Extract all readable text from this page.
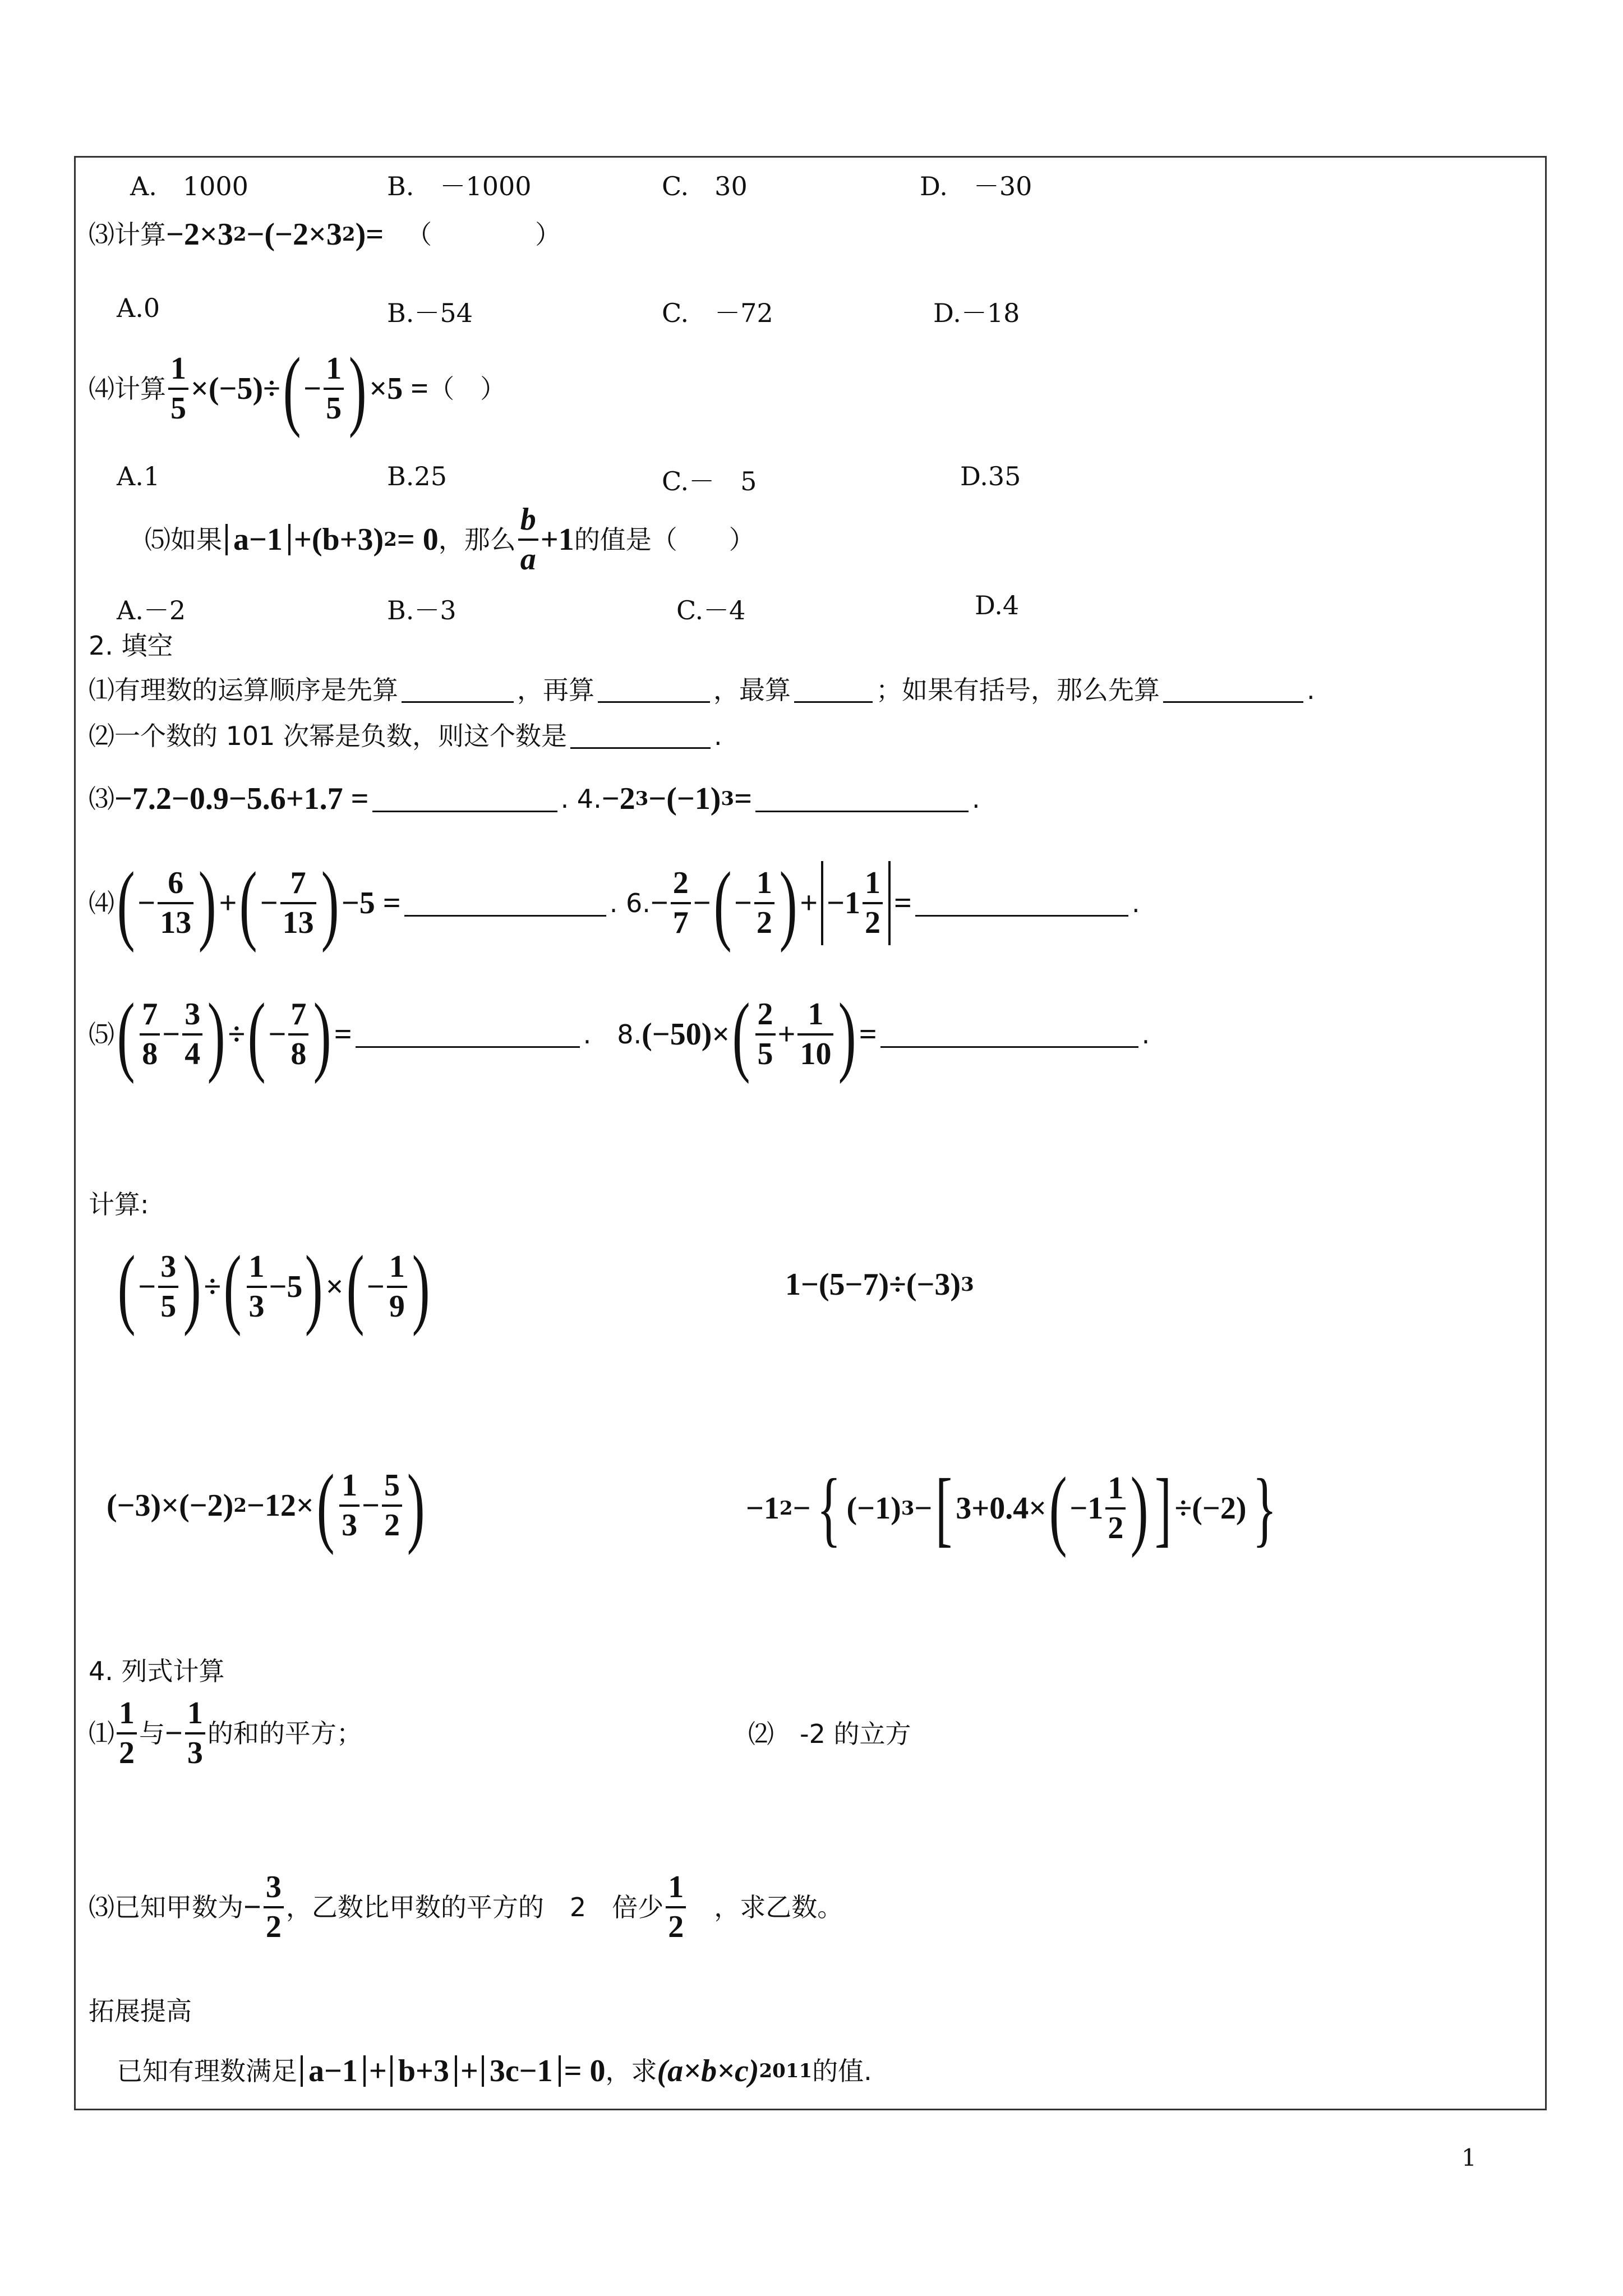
A.　1000	B.　－1000	C.　30	D.　－30
⑶计算 −2×3 2 −(−2×3 2 )= （　　　　）
A.0	B.－54	C.　－72	D.－18
⑷计算 $\frac{1}{5} \times(-5)\div$ ( − $\frac{1}{5}$ ) ×5 = （　）
A.1	B.25	C.－　5	D.35
⑸如果 a−1 +(b+3) 2 = 0 ，那么 $\frac{b}{a} +1$ 的值是（　　）
A.－2	B.－3	C.－4	D.4
2. 填空
⑴有理数的运算顺序是先算	，再算	，最算	；如果有括号，那么先算	.
⑵一个数的 101 次幂是负数，则这个数是	.
⑶ −7.2−0.9−5.6+1.7 =	. 4. −2 3 −(−1) 3 =	.
⑷ ( − $\frac{6}{13}$ ) + ( − $\frac{7}{13}$ ) −5 =	. 6. − $\frac{2}{7}$ − ( − $\frac{1}{2}$ ) + $-1 \frac{1}{2}$ =	.
⑸ ( $\frac{7}{8} - \frac{3}{4}$ ) ÷ ( − $\frac{7}{8}$ ) =	.　8. (−50)× ( $\frac{2}{5} + \frac{1}{10}$ ) =	.
计算:
( − $\frac{3}{5}$ ) ÷ ( $\frac{1}{3} -5$ ) × ( − $\frac{1}{9}$ )	1−(5−7)÷(−3) 3
(−3)×(−2) 2 −12× ( $\frac{1}{3} - \frac{5}{2}$ )	−1 2 − { (−1) 3 − [ 3+0.4× ( $-1 \frac{1}{2}$ ) ] ÷(−2) }
4. 列式计算
⑴ $\frac{1}{2}$ 与 − $\frac{1}{3}$ 的和的平方；	⑵　-2 的立方
⑶已知甲数为 − $\frac{3}{2}$ ，乙数比甲数的平方的　2　倍少 $\frac{1}{2}$ 　，求乙数。
拓展提高
已知有理数满足 a−1 + b+3 + 3c−1 = 0 ，求 (a×b×c) 2011 的值.
1
